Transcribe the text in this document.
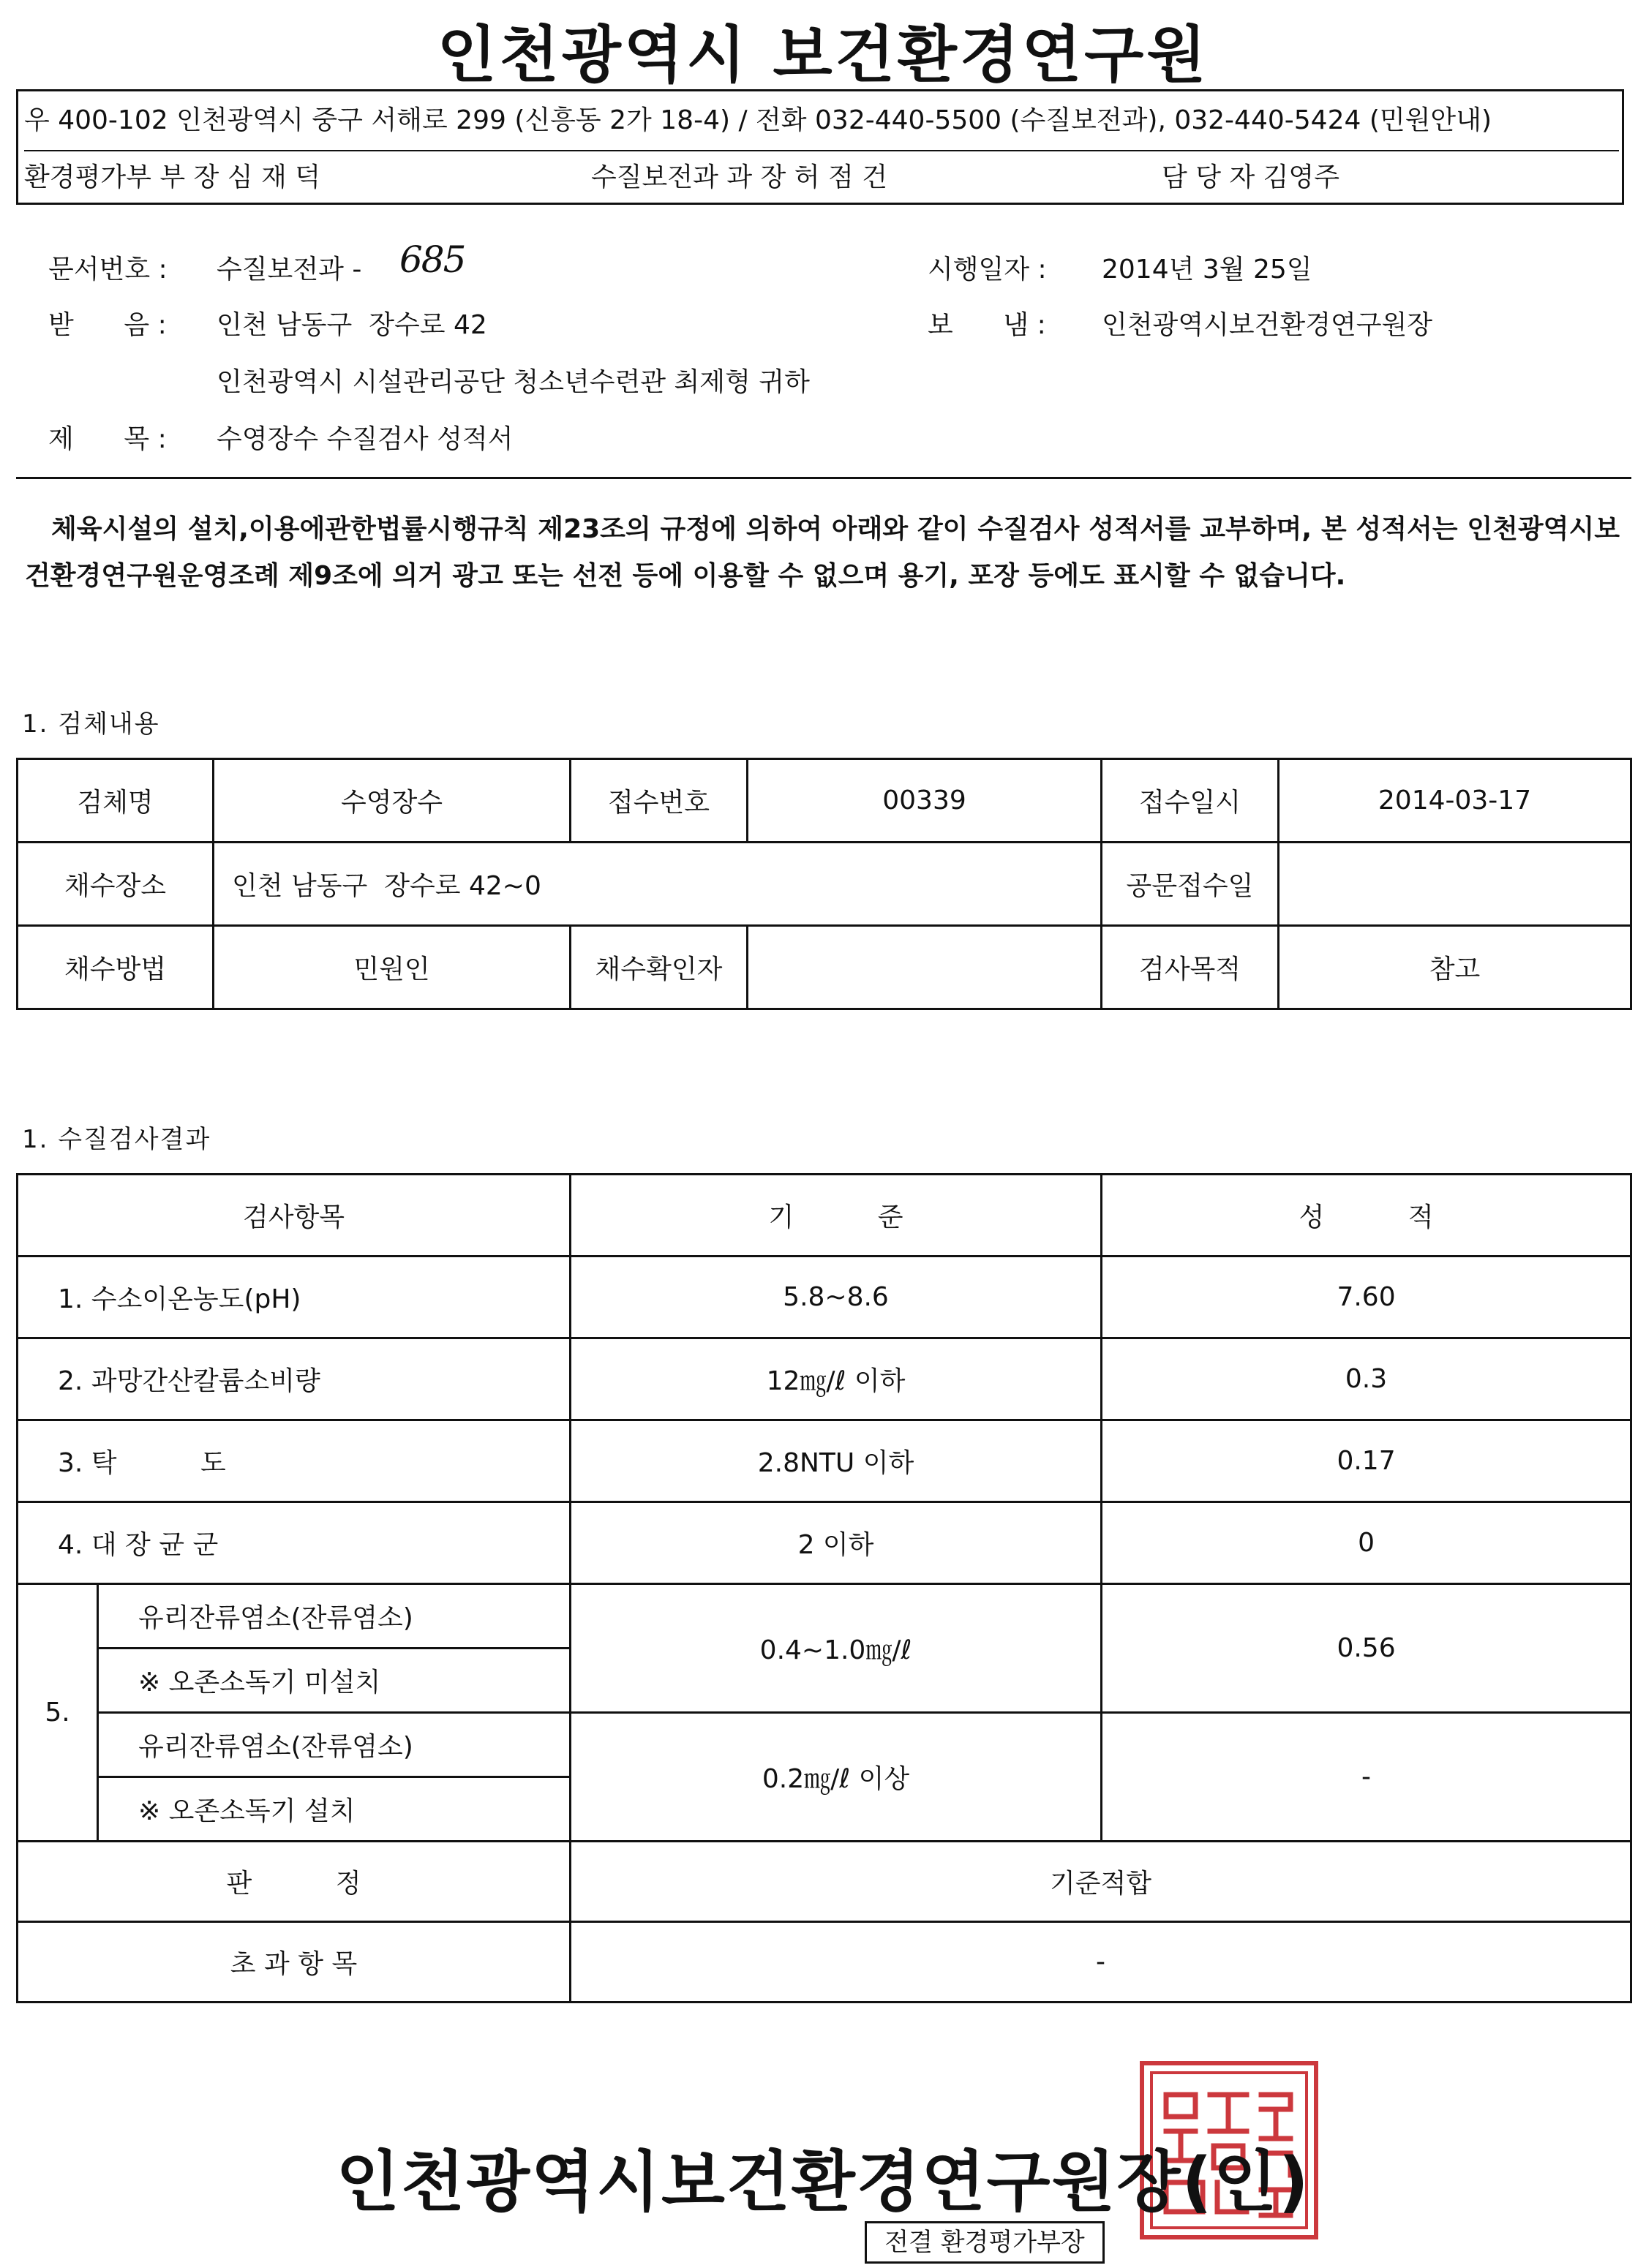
인천광역시 보건환경연구원
우 400-102 인천광역시 중구 서해로 299 (신흥동 2가 18-4) / 전화 032-440-5500 (수질보전과), 032-440-5424 (민원안내)
환경평가부 부 장 심 재 덕	수질보전과 과 장 허 점 건	담 당 자 김영주
문서번호 : 수질보전과 - 685	시행일자 : 2014년 3월 25일
받      음 : 인천 남동구  장수로 42	보      냄 : 인천광역시보건환경연구원장
인천광역시 시설관리공단 청소년수련관 최제형 귀하
제      목 : 수영장수 수질검사 성적서
체육시설의 설치,이용에관한법률시행규칙 제23조의 규정에 의하여 아래와 같이 수질검사 성적서를 교부하며, 본 성적서는 인천광역시보건환경연구원운영조례 제9조에 의거 광고 또는 선전 등에 이용할 수 없으며 용기, 포장 등에도 표시할 수 없습니다.
1. 검체내용
검체명	수영장수	접수번호	00339	접수일시	2014-03-17
채수장소	인천 남동구  장수로 42~0			공문접수일	
채수방법	민원인	채수확인자		검사목적	참고
1. 수질검사결과
검사항목		기          준	성          적
1. 수소이온농도(pH)		5.8~8.6	7.60
2. 과망간산칼륨소비량		12㎎/ℓ 이하	0.3
3. 탁          도		2.8NTU 이하	0.17
4. 대 장 균 군		2 이하	0
5.	유리잔류염소(잔류염소)	0.4~1.0㎎/ℓ	0.56
	※ 오존소독기 미설치		
	유리잔류염소(잔류염소)	0.2㎎/ℓ 이상	-
	※ 오존소독기 설치		
판          정		기준적합	
초 과 항 목		-	
인천광역시보건환경연구원장(인)
전결 환경평가부장
